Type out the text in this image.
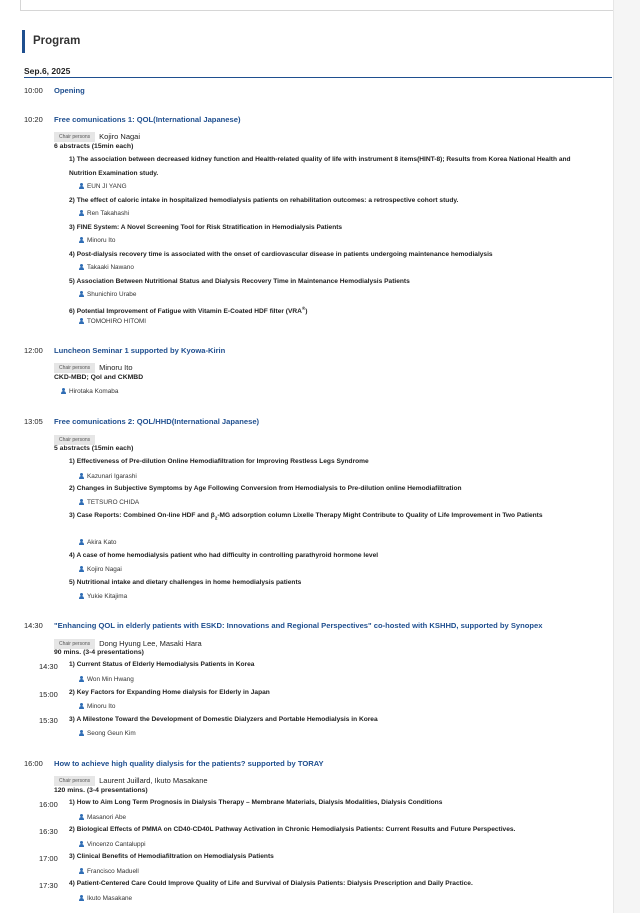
Program
Sep.6, 2025
10:00 Opening
10:20 Free comunications 1: QOL(International Japanese)
Chair persons Kojiro Nagai
6 abstracts (15min each)
1) The association between decreased kidney function and Health-related quality of life with instrument 8 items(HINT-8); Results from Korea National Health and Nutrition Examination study.
EUN JI YANG
2) The effect of caloric intake in hospitalized hemodialysis patients on rehabilitation outcomes: a retrospective cohort study.
Ren Takahashi
3) FINE System: A Novel Screening Tool for Risk Stratification in Hemodialysis Patients
Minoru Ito
4) Post-dialysis recovery time is associated with the onset of cardiovascular disease in patients undergoing maintenance hemodialysis
Takaaki Nawano
5) Association Between Nutritional Status and Dialysis Recovery Time in Maintenance Hemodialysis Patients
Shunichiro Urabe
6) Potential Improvement of Fatigue with Vitamin E-Coated HDF filter (VRA®)
TOMOHIRO HITOMI
12:00 Luncheon Seminar 1 supported by Kyowa-Kirin
Chair persons Minoru Ito
CKD-MBD; Qol and CKMBD
Hirotaka Komaba
13:05 Free comunications 2: QOL/HHD(International Japanese)
Chair persons
5 abstracts (15min each)
1) Effectiveness of Pre-dilution Online Hemodiafiltration for Improving Restless Legs Syndrome
Kazunari Igarashi
2) Changes in Subjective Symptoms by Age Following Conversion from Hemodialysis to Pre-dilution online Hemodiafiltration
TETSURO CHIDA
3) Case Reports: Combined On-line HDF and $\beta_2-MG$ adsorption column Lixelle Therapy Might Contribute to Quality of Life Improvement in Two Patients
Akira Kato
4) A case of home hemodialysis patient who had difficulty in controlling parathyroid hormone level
Kojiro Nagai
5) Nutritional intake and dietary challenges in home hemodialysis patients
Yukie Kitajima
14:30 "Enhancing QOL in elderly patients with ESKD: Innovations and Regional Perspectives" co-hosted with KSHHD, supported by Synopex
Chair persons Dong Hyung Lee, Masaki Hara
90 mins. (3-4 presentations)
14:30 1) Current Status of Elderly Hemodialysis Patients in Korea
Won Min Hwang
15:00 2) Key Factors for Expanding Home dialysis for Elderly in Japan
Minoru Ito
15:30 3) A Milestone Toward the Development of Domestic Dialyzers and Portable Hemodialysis in Korea
Seong Geun Kim
16:00 How to achieve high quality dialysis for the patients? supported by TORAY
Chair persons Laurent Juillard, Ikuto Masakane
120 mins. (3-4 presentations)
16:00 1) How to Aim Long Term Prognosis in Dialysis Therapy – Membrane Materials, Dialysis Modalities, Dialysis Conditions
Masanori Abe
16:30 2) Biological Effects of PMMA on CD40-CD40L Pathway Activation in Chronic Hemodialysis Patients: Current Results and Future Perspectives.
Vincenzo Cantaluppi
17:00 3) Clinical Benefits of Hemodiafiltration on Hemodialysis Patients
Francisco Maduell
17:30 4) Patient-Centered Care Could Improve Quality of Life and Survival of Dialysis Patients: Dialysis Prescription and Daily Practice.
Ikuto Masakane
